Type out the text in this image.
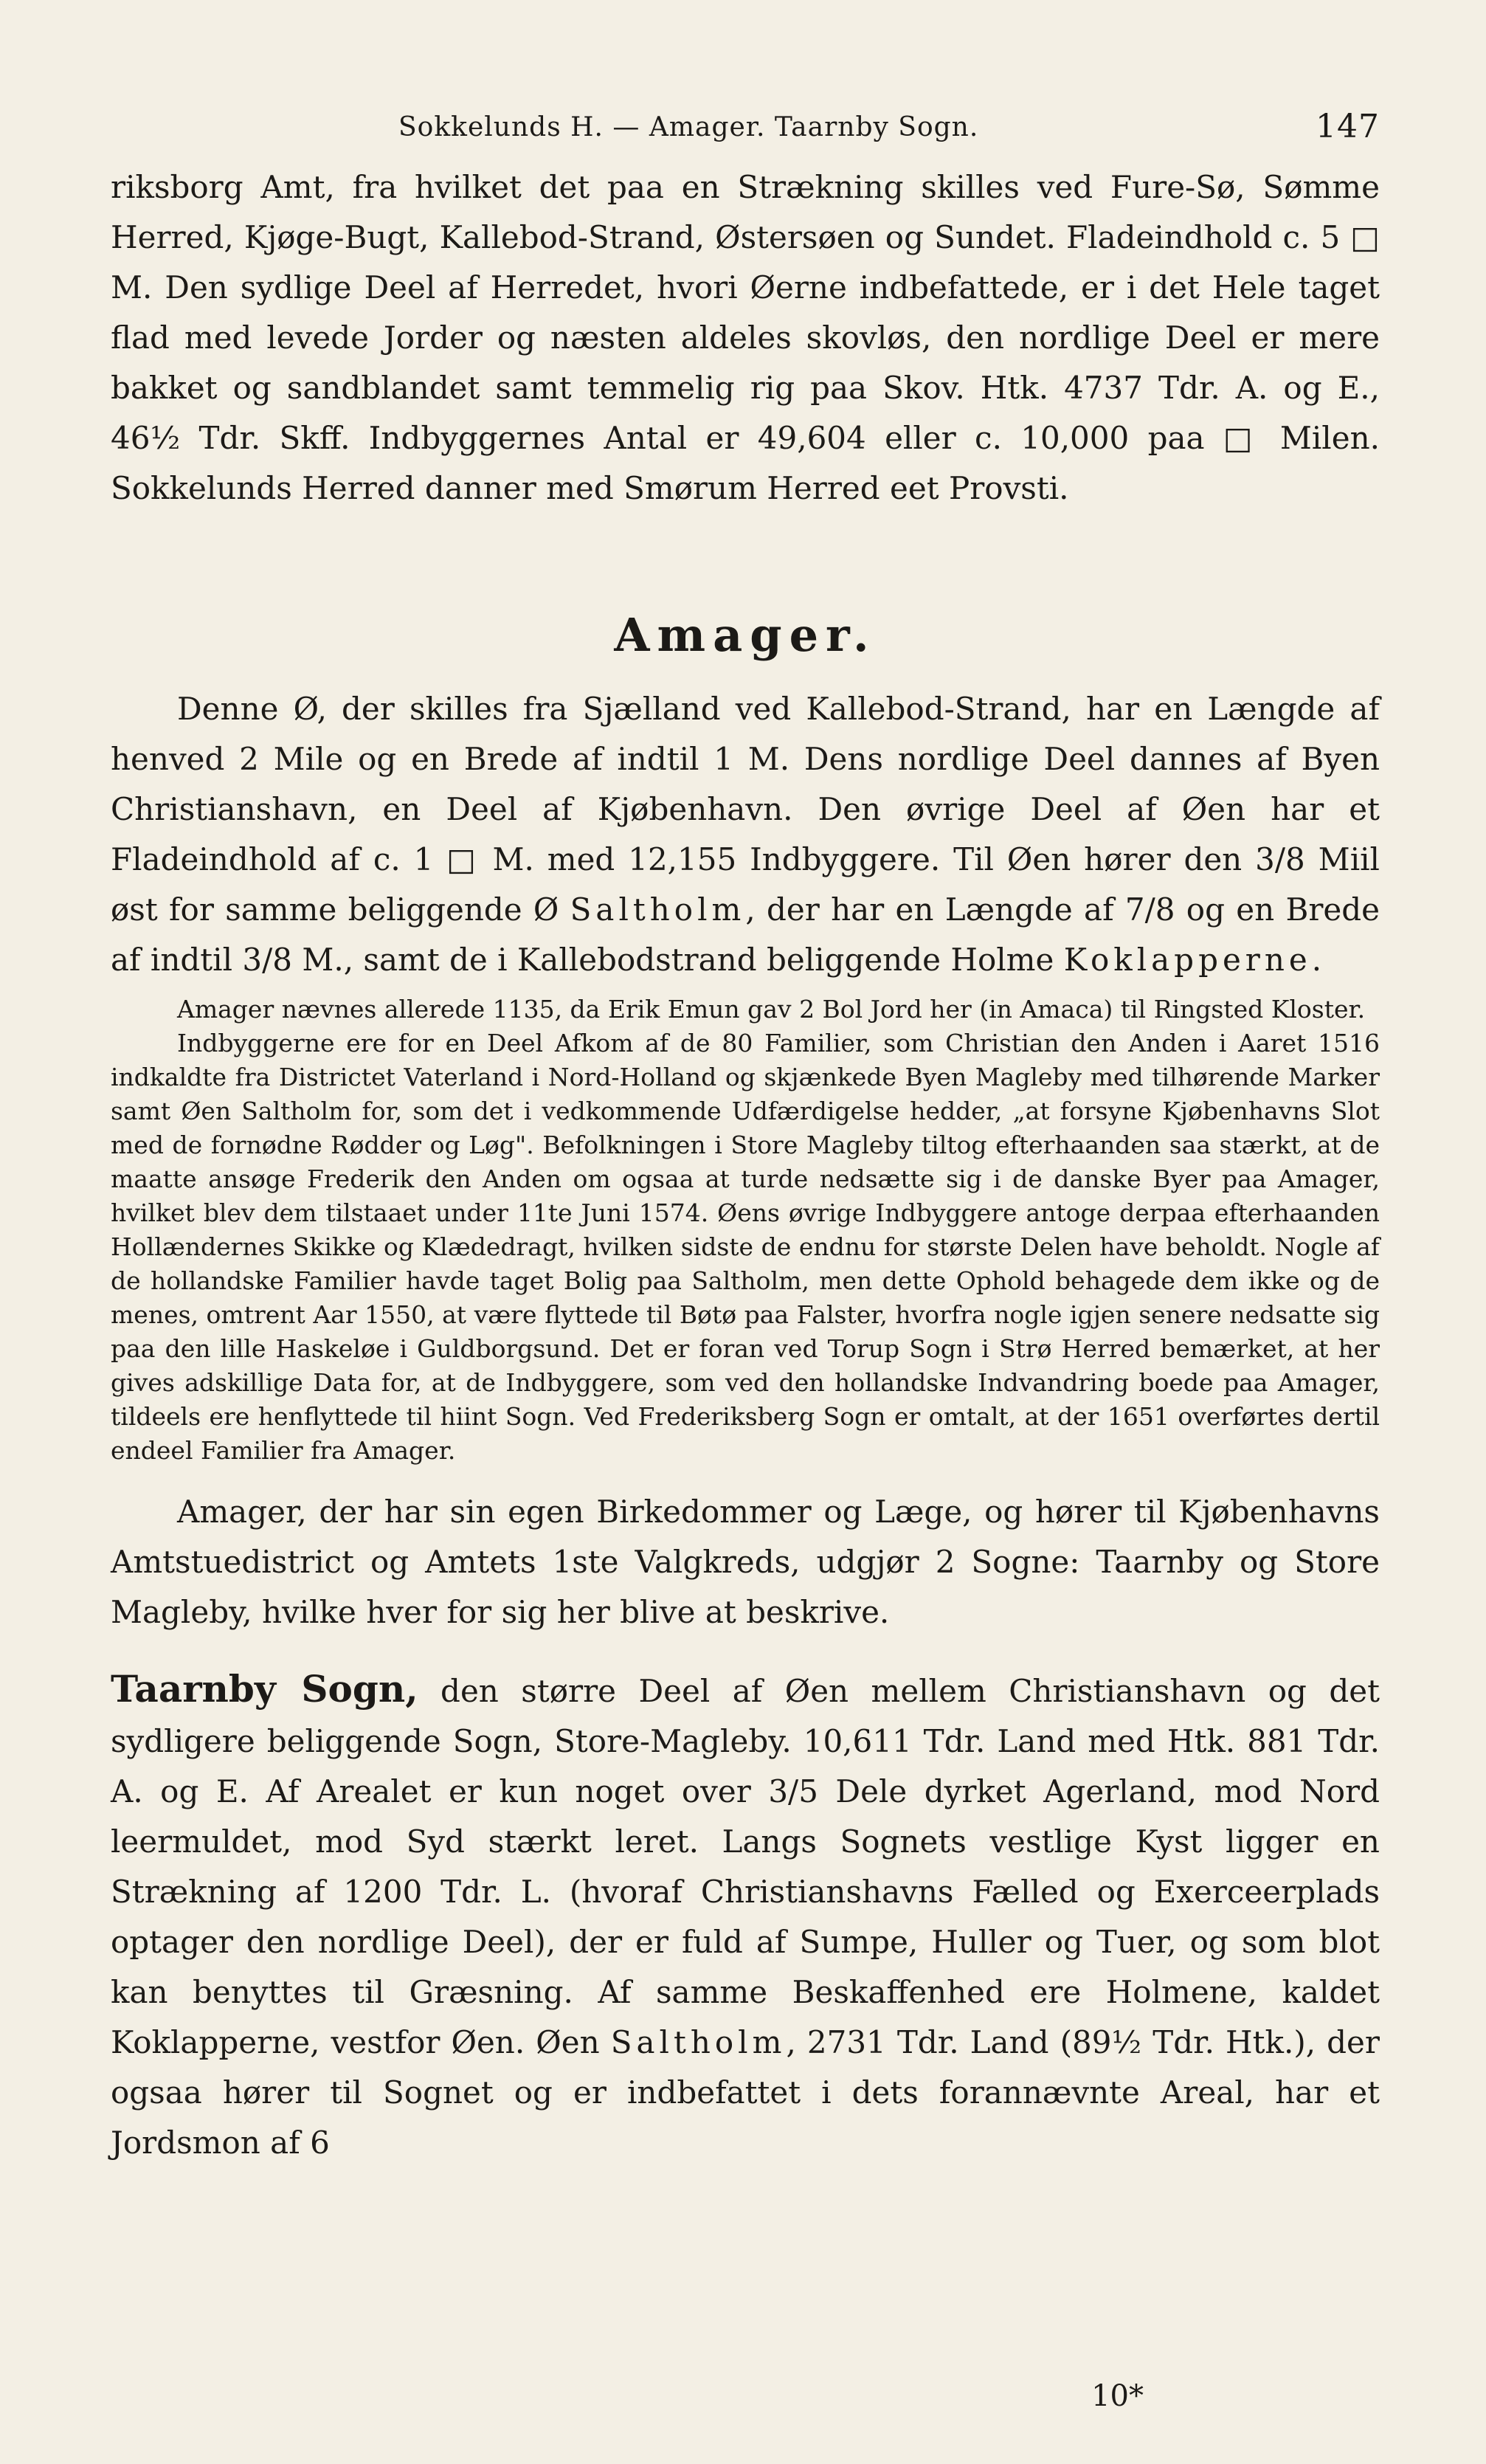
Sokkelunds H. — Amager. Taarnby Sogn.	147

riksborg Amt, fra hvilket det paa en Strækning skilles ved Fure-Sø, Sømme Herred, Kjøge-Bugt, Kallebod-Strand, Østersøen og Sundet. Fladeindhold c. 5 □ M. Den sydlige Deel af Herredet, hvori Øerne indbefattede, er i det Hele taget flad med levede Jorder og næsten aldeles skovløs, den nordlige Deel er mere bakket og sandblandet samt temmelig rig paa Skov. Htk. 4737 Tdr. A. og E., 46½ Tdr. Skff. Indbyggernes Antal er 49,604 eller c. 10,000 paa □ Milen. Sokkelunds Herred danner med Smørum Herred eet Provsti.

Amager.

Denne Ø, der skilles fra Sjælland ved Kallebod-Strand, har en Længde af henved 2 Mile og en Brede af indtil 1 M. Dens nordlige Deel dannes af Byen Christianshavn, en Deel af Kjøbenhavn. Den øvrige Deel af Øen har et Fladeindhold af c. 1 □ M. med 12,155 Indbyggere. Til Øen hører den 3/8 Miil øst for samme beliggende Ø Saltholm, der har en Længde af 7/8 og en Brede af indtil 3/8 M., samt de i Kallebodstrand beliggende Holme Koklapperne.

Amager nævnes allerede 1135, da Erik Emun gav 2 Bol Jord her (in Amaca) til Ringsted Kloster.

Indbyggerne ere for en Deel Afkom af de 80 Familier, som Christian den Anden i Aaret 1516 indkaldte fra Districtet Vaterland i Nord-Holland og skjænkede Byen Magleby med tilhørende Marker samt Øen Saltholm for, som det i vedkommende Udfærdigelse hedder, „at forsyne Kjøbenhavns Slot med de fornødne Rødder og Løg". Befolkningen i Store Magleby tiltog efterhaanden saa stærkt, at de maatte ansøge Frederik den Anden om ogsaa at turde nedsætte sig i de danske Byer paa Amager, hvilket blev dem tilstaaet under 11te Juni 1574. Øens øvrige Indbyggere antoge derpaa efterhaanden Hollændernes Skikke og Klædedragt, hvilken sidste de endnu for største Delen have beholdt. Nogle af de hollandske Familier havde taget Bolig paa Saltholm, men dette Ophold behagede dem ikke og de menes, omtrent Aar 1550, at være flyttede til Bøtø paa Falster, hvorfra nogle igjen senere nedsatte sig paa den lille Haskeløe i Guldborgsund. Det er foran ved Torup Sogn i Strø Herred bemærket, at her gives adskillige Data for, at de Indbyggere, som ved den hollandske Indvandring boede paa Amager, tildeels ere henflyttede til hiint Sogn. Ved Frederiksberg Sogn er omtalt, at der 1651 overførtes dertil endeel Familier fra Amager.

Amager, der har sin egen Birkedommer og Læge, og hører til Kjøbenhavns Amtstuedistrict og Amtets 1ste Valgkreds, udgjør 2 Sogne: Taarnby og Store Magleby, hvilke hver for sig her blive at beskrive.

Taarnby Sogn, den større Deel af Øen mellem Christianshavn og det sydligere beliggende Sogn, Store-Magleby. 10,611 Tdr. Land med Htk. 881 Tdr. A. og E. Af Arealet er kun noget over 3/5 Dele dyrket Agerland, mod Nord leermuldet, mod Syd stærkt leret. Langs Sognets vestlige Kyst ligger en Strækning af 1200 Tdr. L. (hvoraf Christianshavns Fælled og Exerceerplads optager den nordlige Deel), der er fuld af Sumpe, Huller og Tuer, og som blot kan benyttes til Græsning. Af samme Beskaffenhed ere Holmene, kaldet Koklapperne, vestfor Øen. Øen Saltholm, 2731 Tdr. Land (89½ Tdr. Htk.), der ogsaa hører til Sognet og er indbefattet i dets forannævnte Areal, har et Jordsmon af 6

10*
